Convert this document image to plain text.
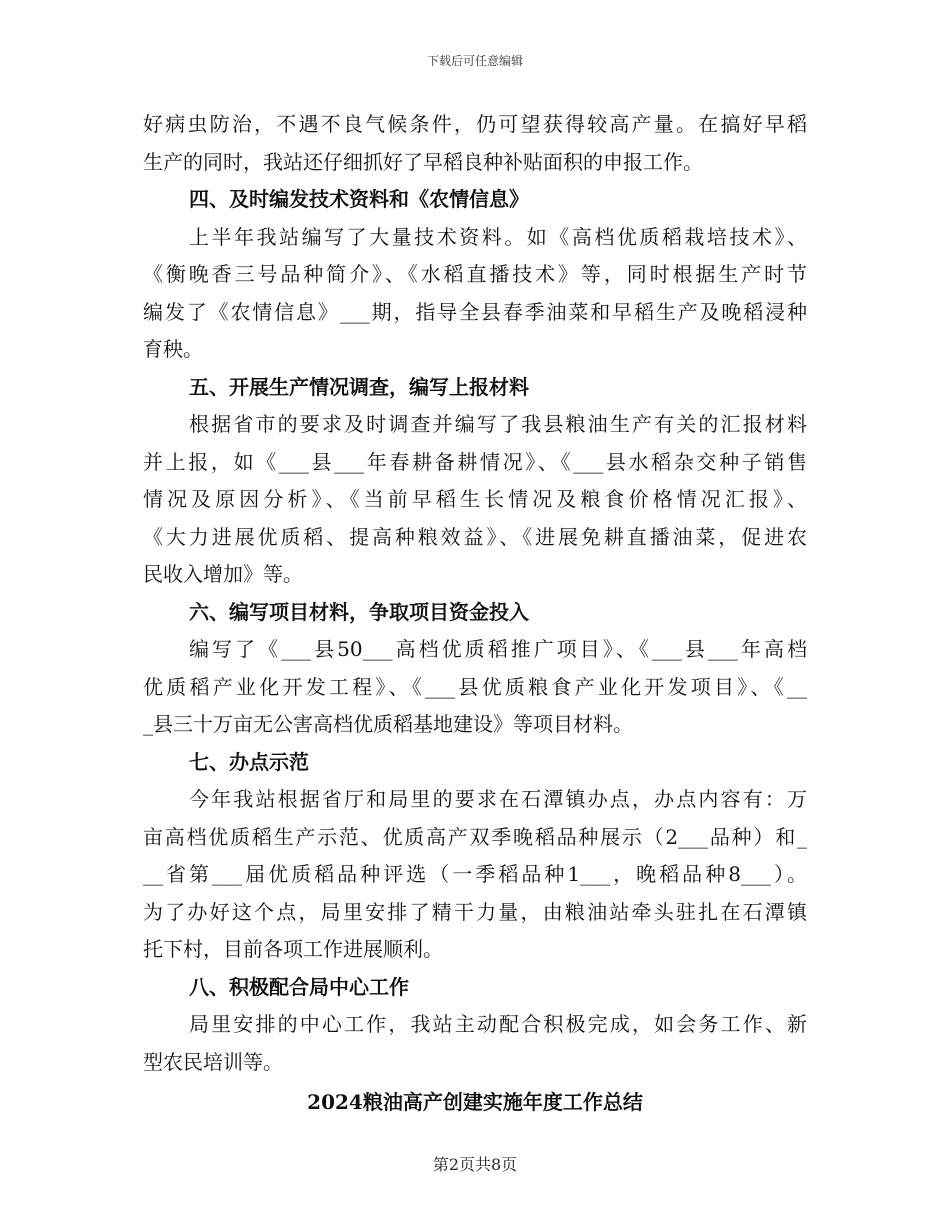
下载后可任意编辑
好病虫防治，不遇不良气候条件，仍可望获得较高产量。在搞好早稻
生产的同时，我站还仔细抓好了早稻良种补贴面积的申报工作。
四、及时编发技术资料和《农情信息》
上半年我站编写了大量技术资料。如《高档优质稻栽培技术》、
《衡晚香三号品种简介》、《水稻直播技术》等，同时根据生产时节
编发了《农情信息》___期，指导全县春季油菜和早稻生产及晚稻浸种
育秧。
五、开展生产情况调查，编写上报材料
根据省市的要求及时调查并编写了我县粮油生产有关的汇报材料
并上报，如《___县___年春耕备耕情况》、《___县水稻杂交种子销售
情况及原因分析》、《当前早稻生长情况及粮食价格情况汇报》、
《大力进展优质稻、提高种粮效益》、《进展免耕直播油菜，促进农
民收入增加》等。
六、编写项目材料，争取项目资金投入
编写了《___县50___高档优质稻推广项目》、《___县___年高档
优质稻产业化开发工程》、《___县优质粮食产业化开发项目》、《__
_县三十万亩无公害高档优质稻基地建设》等项目材料。
七、办点示范
今年我站根据省厅和局里的要求在石潭镇办点，办点内容有：万
亩高档优质稻生产示范、优质高产双季晚稻品种展示（2___品种）和_
__省第___届优质稻品种评选（一季稻品种1___，晚稻品种8___）。
为了办好这个点，局里安排了精干力量，由粮油站牵头驻扎在石潭镇
托下村，目前各项工作进展顺利。
八、积极配合局中心工作
局里安排的中心工作，我站主动配合积极完成，如会务工作、新
型农民培训等。
2024粮油高产创建实施年度工作总结
第2页共8页
